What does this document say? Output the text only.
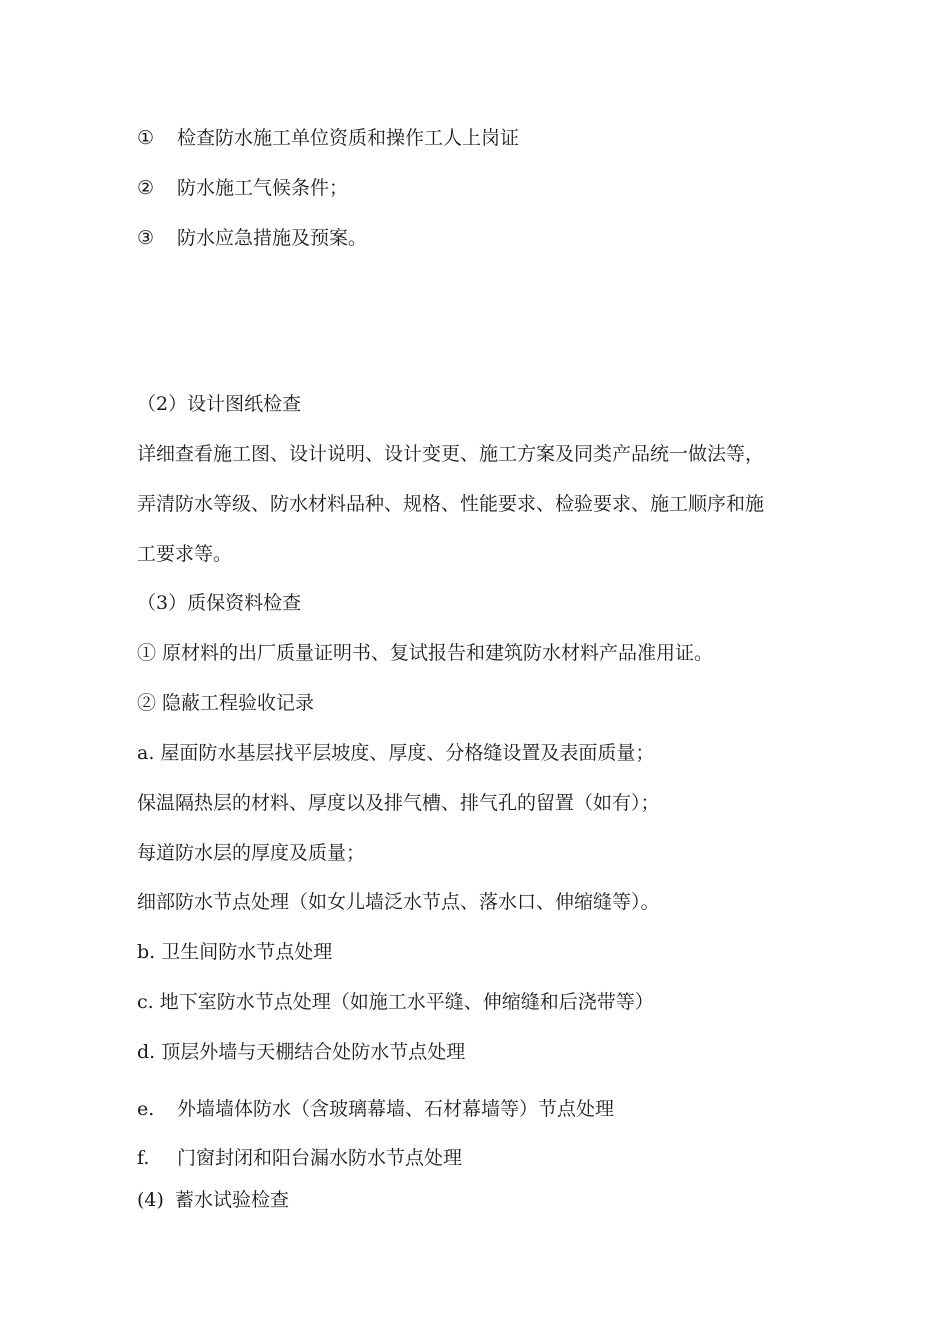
① 检查防水施工单位资质和操作工人上岗证
② 防水施工气候条件；
③ 防水应急措施及预案。
（2）设计图纸检查
详细查看施工图、设计说明、设计变更、施工方案及同类产品统一做法等，
弄清防水等级、防水材料品种、规格、性能要求、检验要求、施工顺序和施
工要求等。
（3）质保资料检查
① 原材料的出厂质量证明书、复试报告和建筑防水材料产品准用证。
② 隐蔽工程验收记录
a. 屋面防水基层找平层坡度、厚度、分格缝设置及表面质量；
保温隔热层的材料、厚度以及排气槽、排气孔的留置（如有）；
每道防水层的厚度及质量；
细部防水节点处理（如女儿墙泛水节点、落水口、伸缩缝等）。
b. 卫生间防水节点处理
c. 地下室防水节点处理（如施工水平缝、伸缩缝和后浇带等）
d. 顶层外墙与天棚结合处防水节点处理
e. 外墙墙体防水（含玻璃幕墙、石材幕墙等）节点处理
f. 门窗封闭和阳台漏水防水节点处理
(4) 蓄水试验检查
